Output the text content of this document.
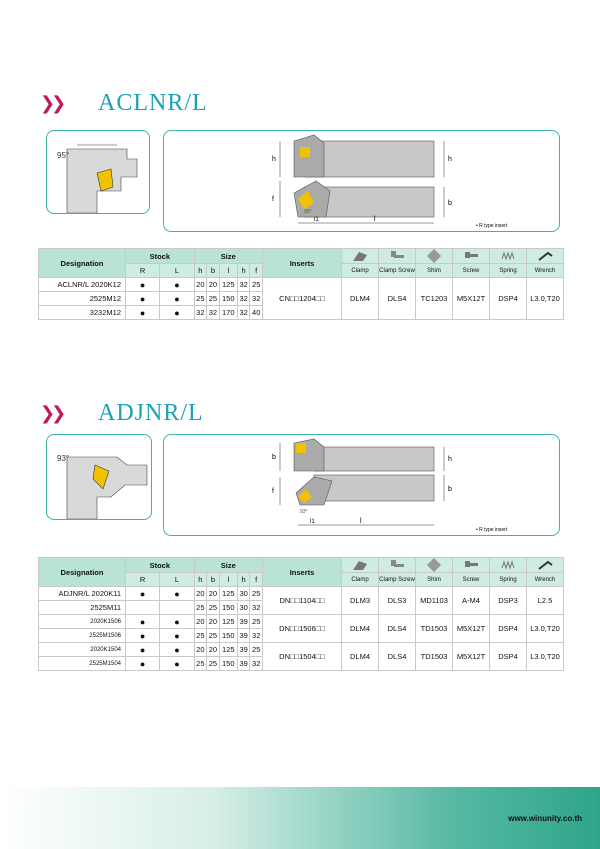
❯❯	ACLNR/L
95°	h	h
f
b
l
l1
95°
• R type insert
Designation	Stock		Size					Inserts	

	R	L	h	b	l	h	f		Clamp	Clamp Screw	Shim	Screw	Spring	Wrench
ACLNR/L 2020K12	●	●	20	20	125	32	25	CN□□1204□□	DLM4	DLS4	TC1203	M5X12T	DSP4	L3.0,T20
2525M12	●	●	25	25	150	32	32							
3232M12	●	●	32	32	170	32	40							
❯❯	ADJNR/L
93°	b	h
f	b
l
l1
93°
• R type insert
Designation	Stock		Size					Inserts	

	R	L	h	b	l	h	f		Clamp	Clamp Screw	Shim	Screw	Spring	Wrench
ADJNR/L 2020K11	●	●	20	20	125	30	25	DN□□1104□□	DLM3	DLS3	MD1103	A-M4	DSP3	L2.5
2525M11			25	25	150	30	32							
2020K1506	●	●	20	20	125	39	25	DN□□1506□□	DLM4	DLS4	TD1503	M5X12T	DSP4	L3.0,T20
2525M1506	●	●	25	25	150	39	32							
2020K1504	●	●	20	20	125	39	25	DN□□1504□□	DLM4	DLS4	TD1503	M5X12T	DSP4	L3.0,T20
2525M1504	●	●	25	25	150	39	32							
www.winunity.co.th
